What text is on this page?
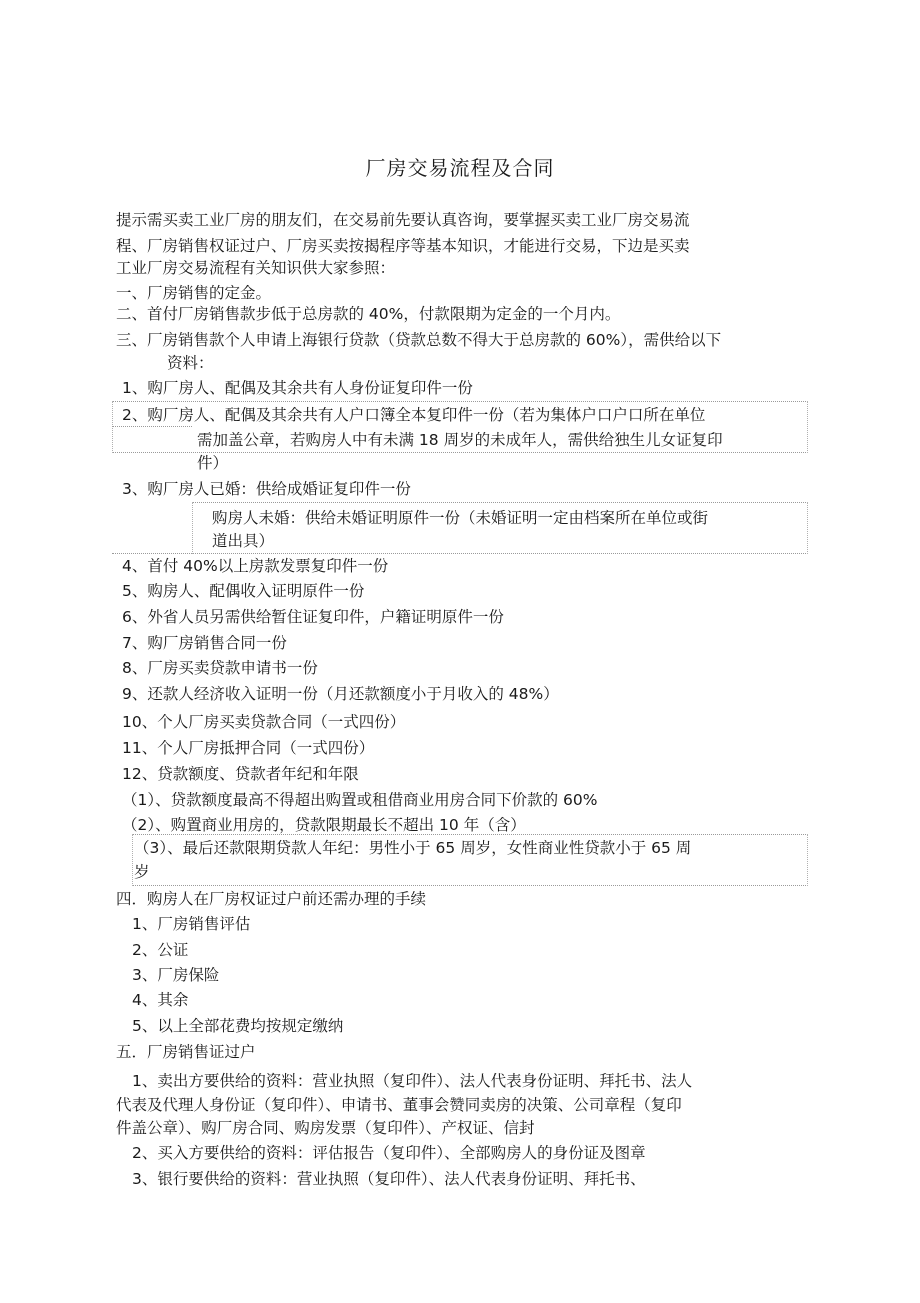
厂房交易流程及合同
提示需买卖工业厂房的朋友们，在交易前先要认真咨询，要掌握买卖工业厂房交易流
程、厂房销售权证过户、厂房买卖按揭程序等基本知识，才能进行交易，下边是买卖
工业厂房交易流程有关知识供大家参照：
一、厂房销售的定金。
二、首付厂房销售款步低于总房款的 40%，付款限期为定金的一个月内。
三、厂房销售款个人申请上海银行贷款（贷款总数不得大于总房款的 60%），需供给以下
资料：
1、购厂房人、配偶及其余共有人身份证复印件一份
2、购厂房人、配偶及其余共有人户口簿全本复印件一份（若为集体户口户口所在单位
需加盖公章，若购房人中有未满 18 周岁的未成年人，需供给独生儿女证复印
件）
3、购厂房人已婚：供给成婚证复印件一份
购房人未婚：供给未婚证明原件一份（未婚证明一定由档案所在单位或街
道出具）
4、首付 40%以上房款发票复印件一份
5、购房人、配偶收入证明原件一份
6、外省人员另需供给暂住证复印件，户籍证明原件一份
7、购厂房销售合同一份
8、厂房买卖贷款申请书一份
9、还款人经济收入证明一份（月还款额度小于月收入的 48%）
10、个人厂房买卖贷款合同（一式四份）
11、个人厂房抵押合同（一式四份）
12、贷款额度、贷款者年纪和年限
（1）、贷款额度最高不得超出购置或租借商业用房合同下价款的 60%
（2）、购置商业用房的，贷款限期最长不超出 10 年（含）
（3）、最后还款限期贷款人年纪：男性小于 65 周岁，女性商业性贷款小于 65 周
岁
四．购房人在厂房权证过户前还需办理的手续
1、厂房销售评估
2、公证
3、厂房保险
4、其余
5、以上全部花费均按规定缴纳
五．厂房销售证过户
1、卖出方要供给的资料：营业执照（复印件）、法人代表身份证明、拜托书、法人
代表及代理人身份证（复印件）、申请书、董事会赞同卖房的决策、公司章程（复印
件盖公章）、购厂房合同、购房发票（复印件）、产权证、信封
2、买入方要供给的资料：评估报告（复印件）、全部购房人的身份证及图章
3、银行要供给的资料：营业执照（复印件）、法人代表身份证明、拜托书、
